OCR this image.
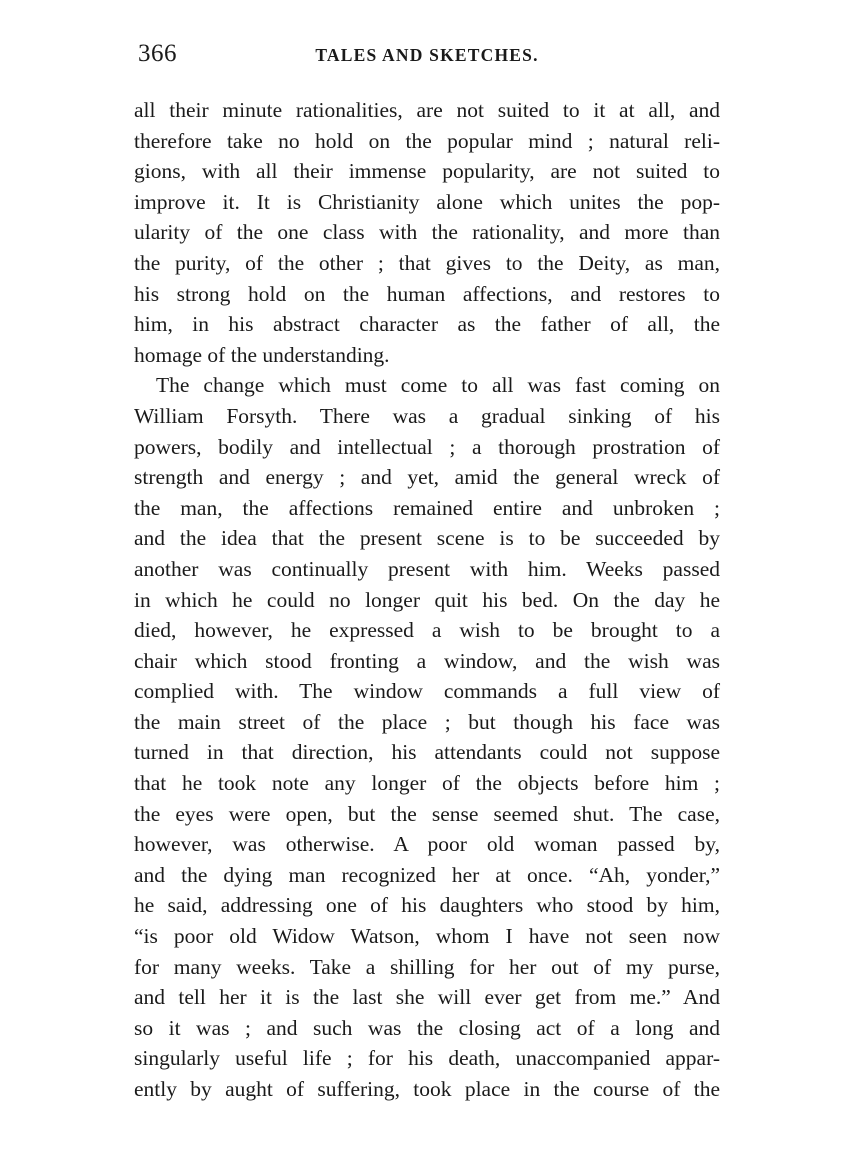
366	TALES AND SKETCHES.
all their minute rationalities, are not suited to it at all, and
therefore take no hold on the popular mind ; natural reli-
gions, with all their immense popularity, are not suited to
improve it. It is Christianity alone which unites the pop-
ularity of the one class with the rationality, and more than
the purity, of the other ; that gives to the Deity, as man,
his strong hold on the human affections, and restores to
him, in his abstract character as the father of all, the
homage of the understanding.
The change which must come to all was fast coming on
William Forsyth. There was a gradual sinking of his
powers, bodily and intellectual ; a thorough prostration of
strength and energy ; and yet, amid the general wreck of
the man, the affections remained entire and unbroken ;
and the idea that the present scene is to be succeeded by
another was continually present with him. Weeks passed
in which he could no longer quit his bed. On the day he
died, however, he expressed a wish to be brought to a
chair which stood fronting a window, and the wish was
complied with. The window commands a full view of
the main street of the place ; but though his face was
turned in that direction, his attendants could not suppose
that he took note any longer of the objects before him ;
the eyes were open, but the sense seemed shut. The case,
however, was otherwise. A poor old woman passed by,
and the dying man recognized her at once. “Ah, yonder,”
he said, addressing one of his daughters who stood by him,
“is poor old Widow Watson, whom I have not seen now
for many weeks. Take a shilling for her out of my purse,
and tell her it is the last she will ever get from me.” And
so it was ; and such was the closing act of a long and
singularly useful life ; for his death, unaccompanied appar-
ently by aught of suffering, took place in the course of the
